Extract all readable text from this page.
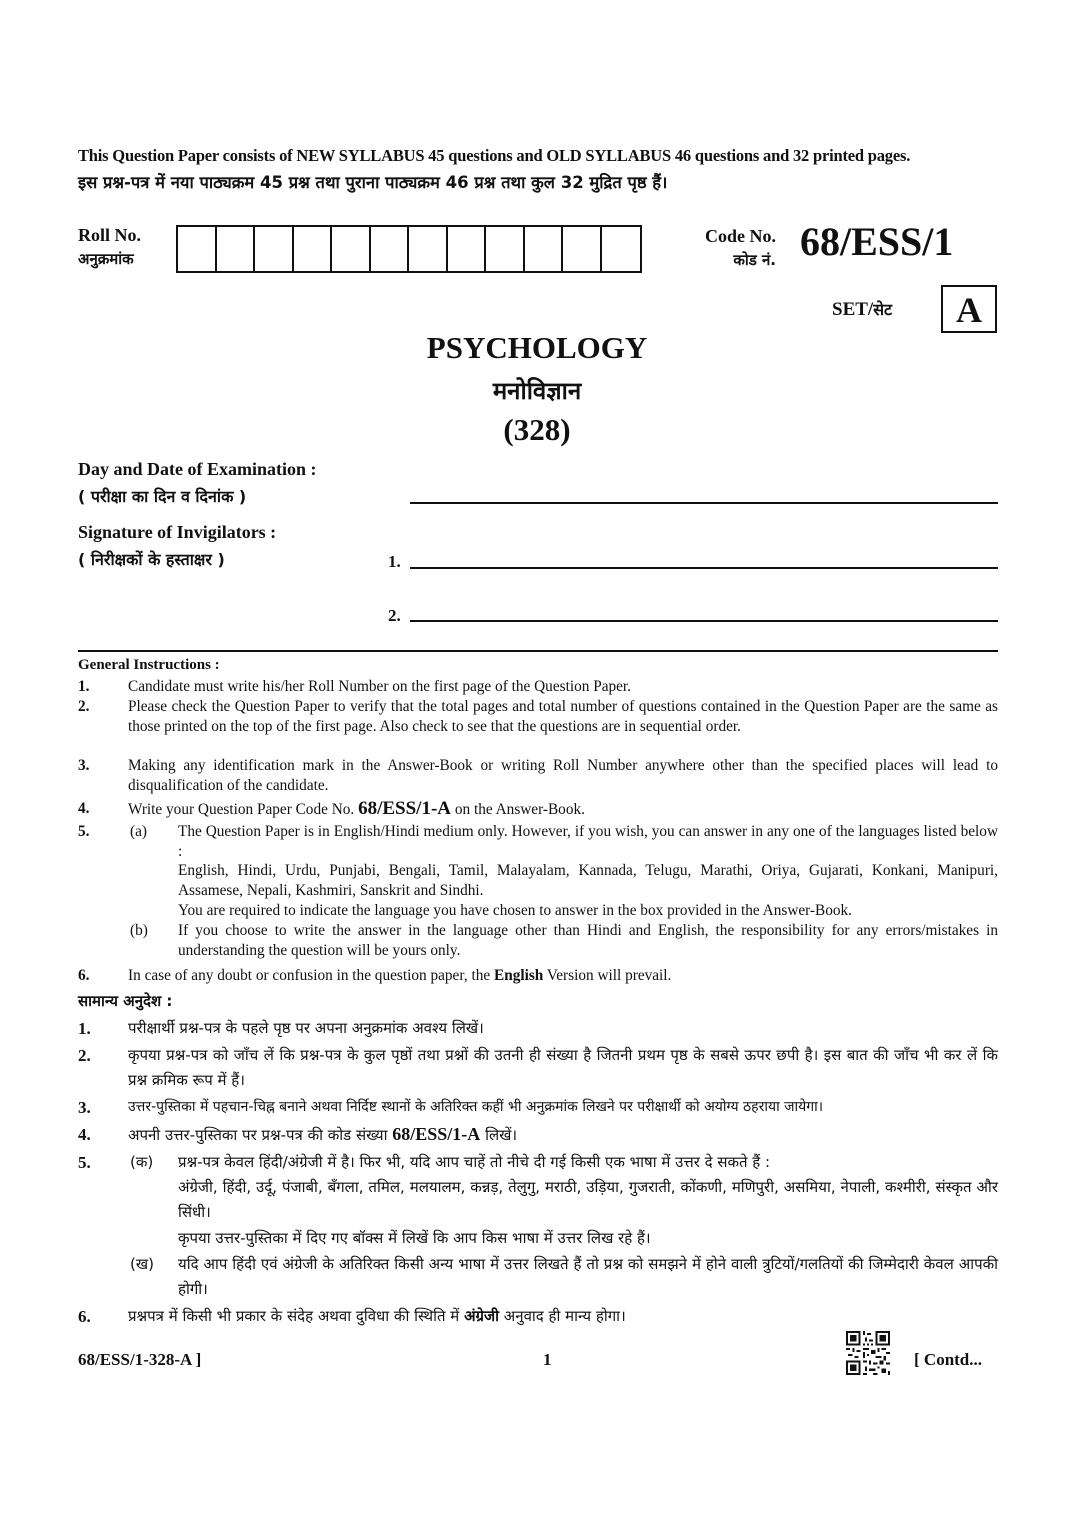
This Question Paper consists of NEW SYLLABUS 45 questions and OLD SYLLABUS 46 questions and 32 printed pages.
इस प्रश्न-पत्र में नया पाठ्यक्रम 45 प्रश्न तथा पुराना पाठ्यक्रम 46 प्रश्न तथा कुल 32 मुद्रित पृष्ठ हैं।
Roll No.
अनुक्रमांक
Code No.
कोड नं. 68/ESS/1
SET/सेट	A
PSYCHOLOGY
मनोविज्ञान
(328)
Day and Date of Examination :
( परीक्षा का दिन व दिनांक )
Signature of Invigilators :
( निरीक्षकों के हस्ताक्षर )	1.
2.
General Instructions :
1.	Candidate must write his/her Roll Number on the first page of the Question Paper.
2.	Please check the Question Paper to verify that the total pages and total number of questions contained in the Question Paper are the same as those printed on the top of the first page. Also check to see that the questions are in sequential order.
3.	Making any identification mark in the Answer-Book or writing Roll Number anywhere other than the specified places will lead to disqualification of the candidate.
4.	Write your Question Paper Code No. 68/ESS/1-A on the Answer-Book.
5.	(a) The Question Paper is in English/Hindi medium only. However, if you wish, you can answer in any one of the languages listed below :
English, Hindi, Urdu, Punjabi, Bengali, Tamil, Malayalam, Kannada, Telugu, Marathi, Oriya, Gujarati, Konkani, Manipuri, Assamese, Nepali, Kashmiri, Sanskrit and Sindhi.
You are required to indicate the language you have chosen to answer in the box provided in the Answer-Book.
(b) If you choose to write the answer in the language other than Hindi and English, the responsibility for any errors/mistakes in understanding the question will be yours only.
6.	In case of any doubt or confusion in the question paper, the English Version will prevail.
सामान्य अनुदेश :
1. परीक्षार्थी प्रश्न-पत्र के पहले पृष्ठ पर अपना अनुक्रमांक अवश्य लिखें।
2. कृपया प्रश्न-पत्र को जाँच लें कि प्रश्न-पत्र के कुल पृष्ठों तथा प्रश्नों की उतनी ही संख्या है जितनी प्रथम पृष्ठ के सबसे ऊपर छपी है। इस बात की जाँच भी कर लें कि प्रश्न क्रमिक रूप में हैं।
3.	उत्तर-पुस्तिका में पहचान-चिह्न बनाने अथवा निर्दिष्ट स्थानों के अतिरिक्त कहीं भी अनुक्रमांक लिखने पर परीक्षार्थी को अयोग्य ठहराया जायेगा।
4. अपनी उत्तर-पुस्तिका पर प्रश्न-पत्र की कोड संख्या 68/ESS/1-A लिखें।
5.	(क) प्रश्न-पत्र केवल हिंदी/अंग्रेजी में है। फिर भी, यदि आप चाहें तो नीचे दी गई किसी एक भाषा में उत्तर दे सकते हैं :
अंग्रेजी, हिंदी, उर्दू, पंजाबी, बँगला, तमिल, मलयालम, कन्नड़, तेलुगु, मराठी, उड़िया, गुजराती, कोंकणी, मणिपुरी, असमिया, नेपाली, कश्मीरी, संस्कृत और सिंधी।
कृपया उत्तर-पुस्तिका में दिए गए बॉक्स में लिखें कि आप किस भाषा में उत्तर लिख रहे हैं।
(ख) यदि आप हिंदी एवं अंग्रेजी के अतिरिक्त किसी अन्य भाषा में उत्तर लिखते हैं तो प्रश्न को समझने में होने वाली त्रुटियों/गलतियों की जिम्मेदारी केवल आपकी होगी।
6. प्रश्नपत्र में किसी भी प्रकार के संदेह अथवा दुविधा की स्थिति में अंग्रेजी अनुवाद ही मान्य होगा।
68/ESS/1-328-A ]	1	[ Contd...
